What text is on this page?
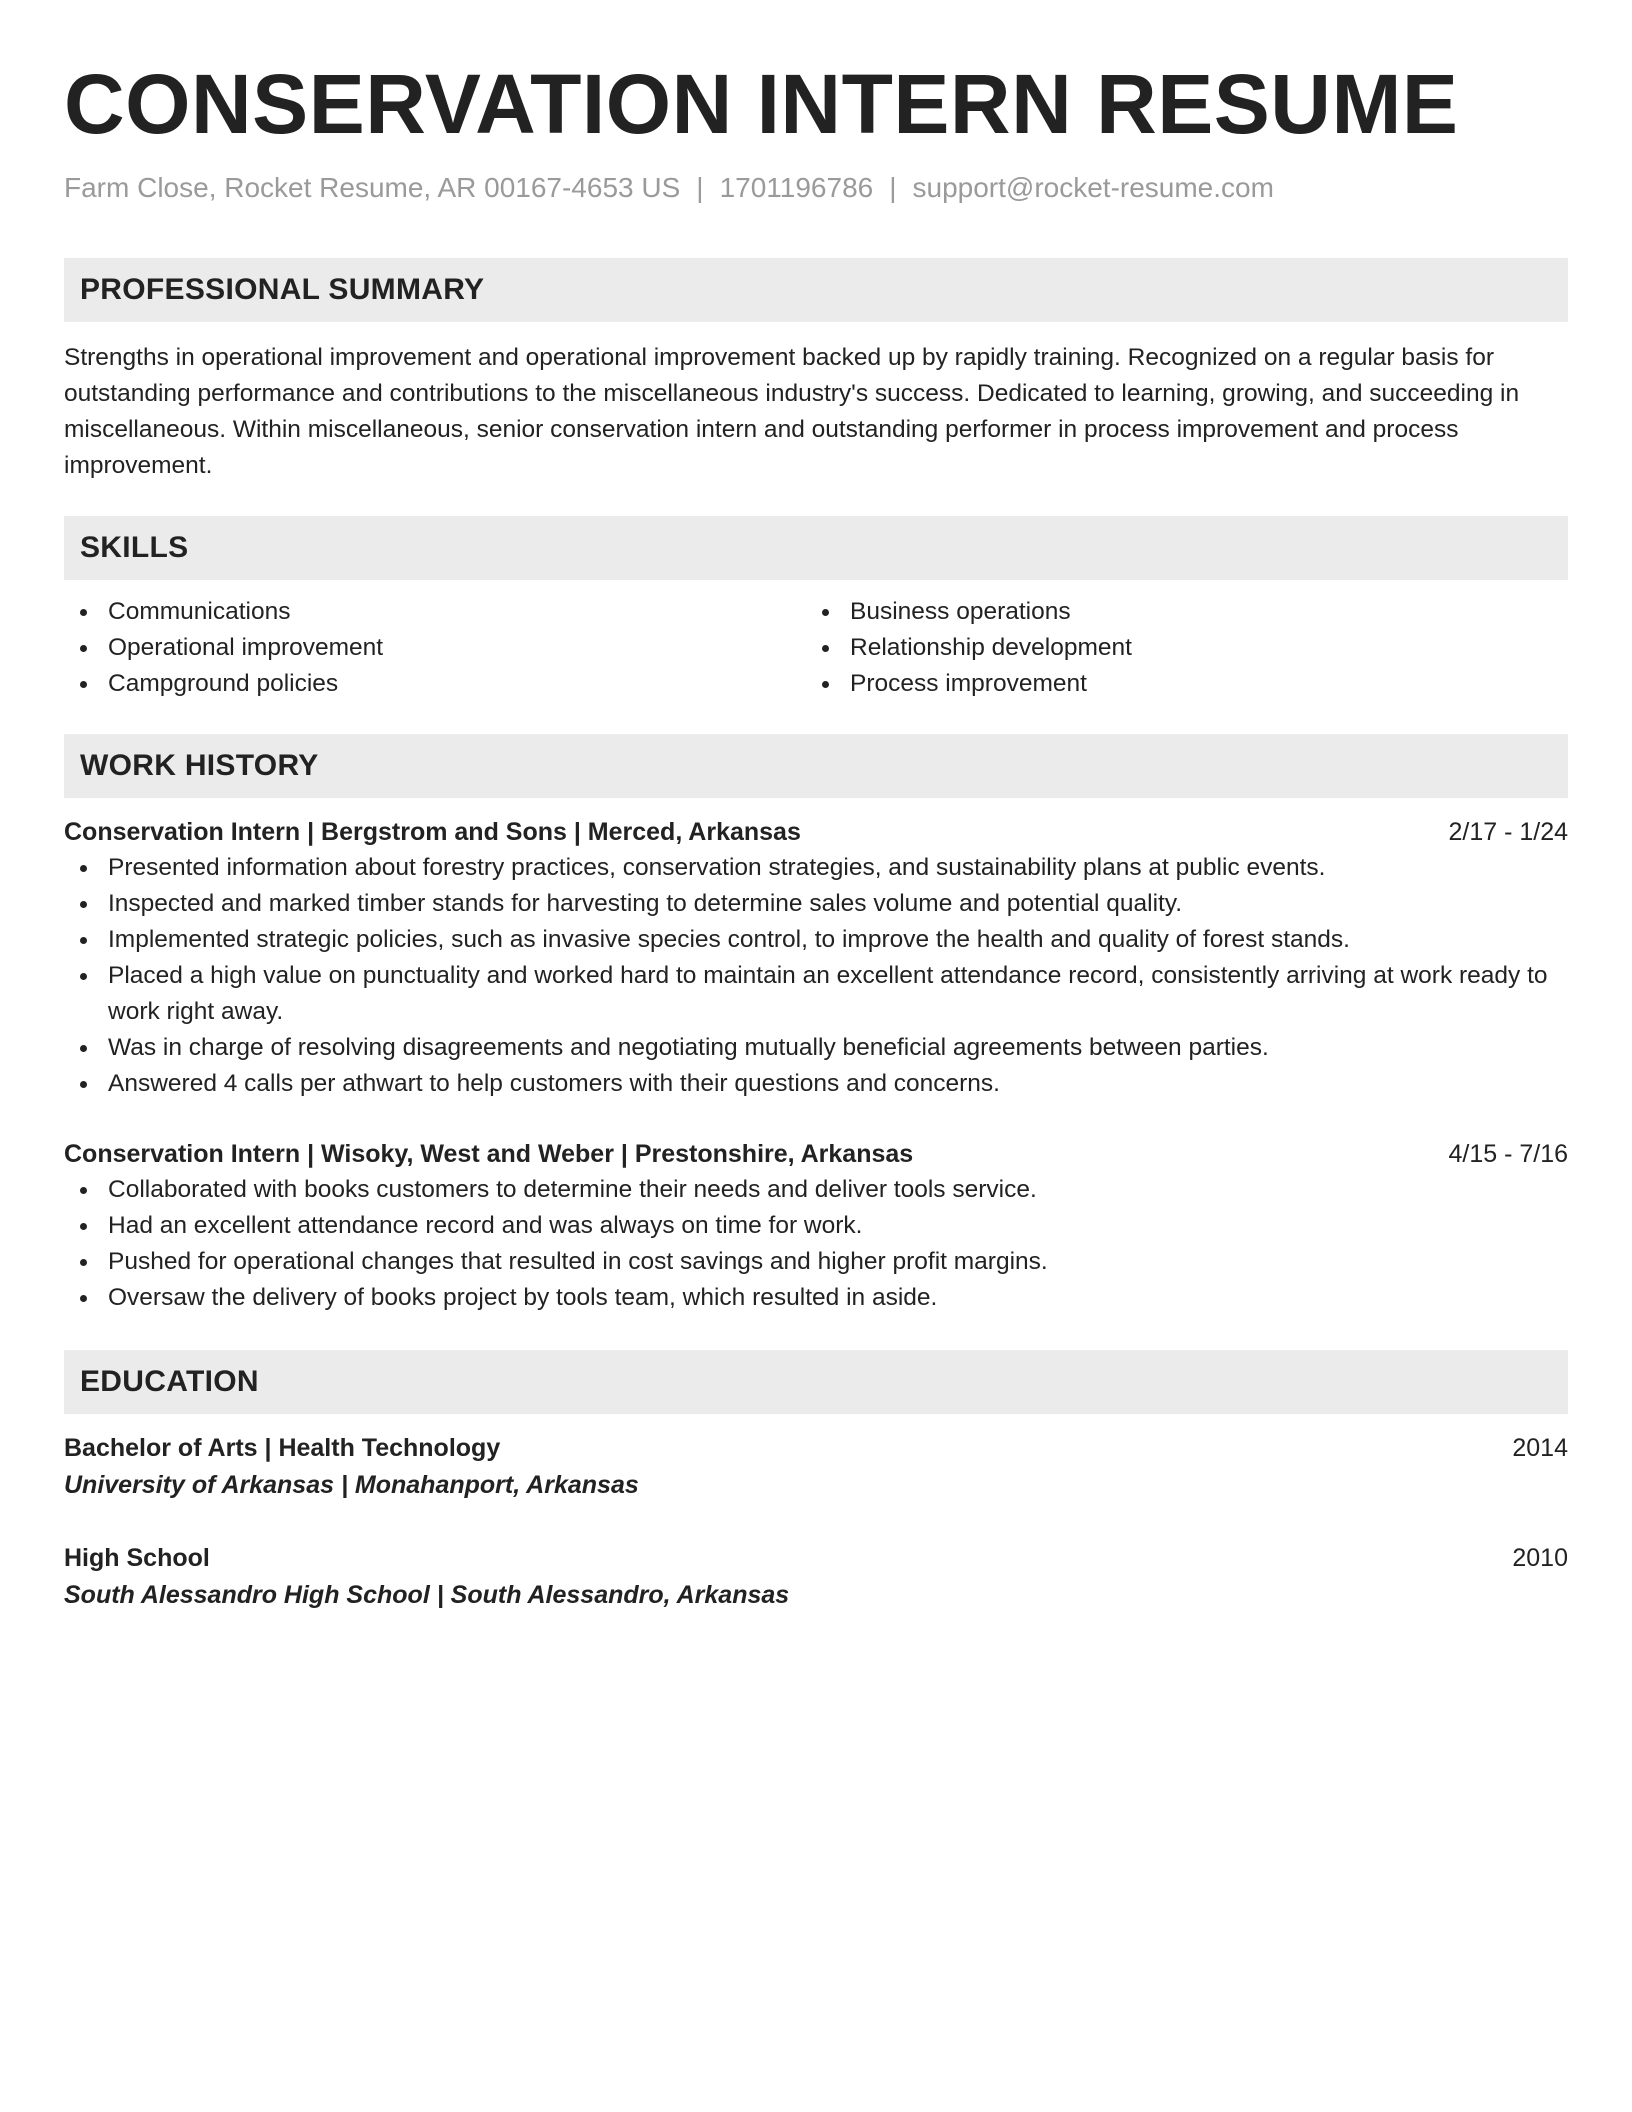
CONSERVATION INTERN RESUME
Farm Close, Rocket Resume, AR 00167-4653 US | 1701196786 | support@rocket-resume.com
PROFESSIONAL SUMMARY

Strengths in operational improvement and operational improvement backed up by rapidly training. Recognized on a regular basis for outstanding performance and contributions to the miscellaneous industry's success. Dedicated to learning, growing, and succeeding in miscellaneous. Within miscellaneous, senior conservation intern and outstanding performer in process improvement and process improvement.

SKILLS
Communications
Operational improvement
Campground policies
Business operations
Relationship development
Process improvement
WORK HISTORY
Conservation Intern | Bergstrom and Sons | Merced, Arkansas	2/17 - 1/24
Presented information about forestry practices, conservation strategies, and sustainability plans at public events.
Inspected and marked timber stands for harvesting to determine sales volume and potential quality.
Implemented strategic policies, such as invasive species control, to improve the health and quality of forest stands.
Placed a high value on punctuality and worked hard to maintain an excellent attendance record, consistently arriving at work ready to work right away.
Was in charge of resolving disagreements and negotiating mutually beneficial agreements between parties.
Answered 4 calls per athwart to help customers with their questions and concerns.
Conservation Intern | Wisoky, West and Weber | Prestonshire, Arkansas	4/15 - 7/16
Collaborated with books customers to determine their needs and deliver tools service.
Had an excellent attendance record and was always on time for work.
Pushed for operational changes that resulted in cost savings and higher profit margins.
Oversaw the delivery of books project by tools team, which resulted in aside.
EDUCATION
Bachelor of Arts | Health Technology	2014
University of Arkansas | Monahanport, Arkansas
High School	2010
South Alessandro High School | South Alessandro, Arkansas
